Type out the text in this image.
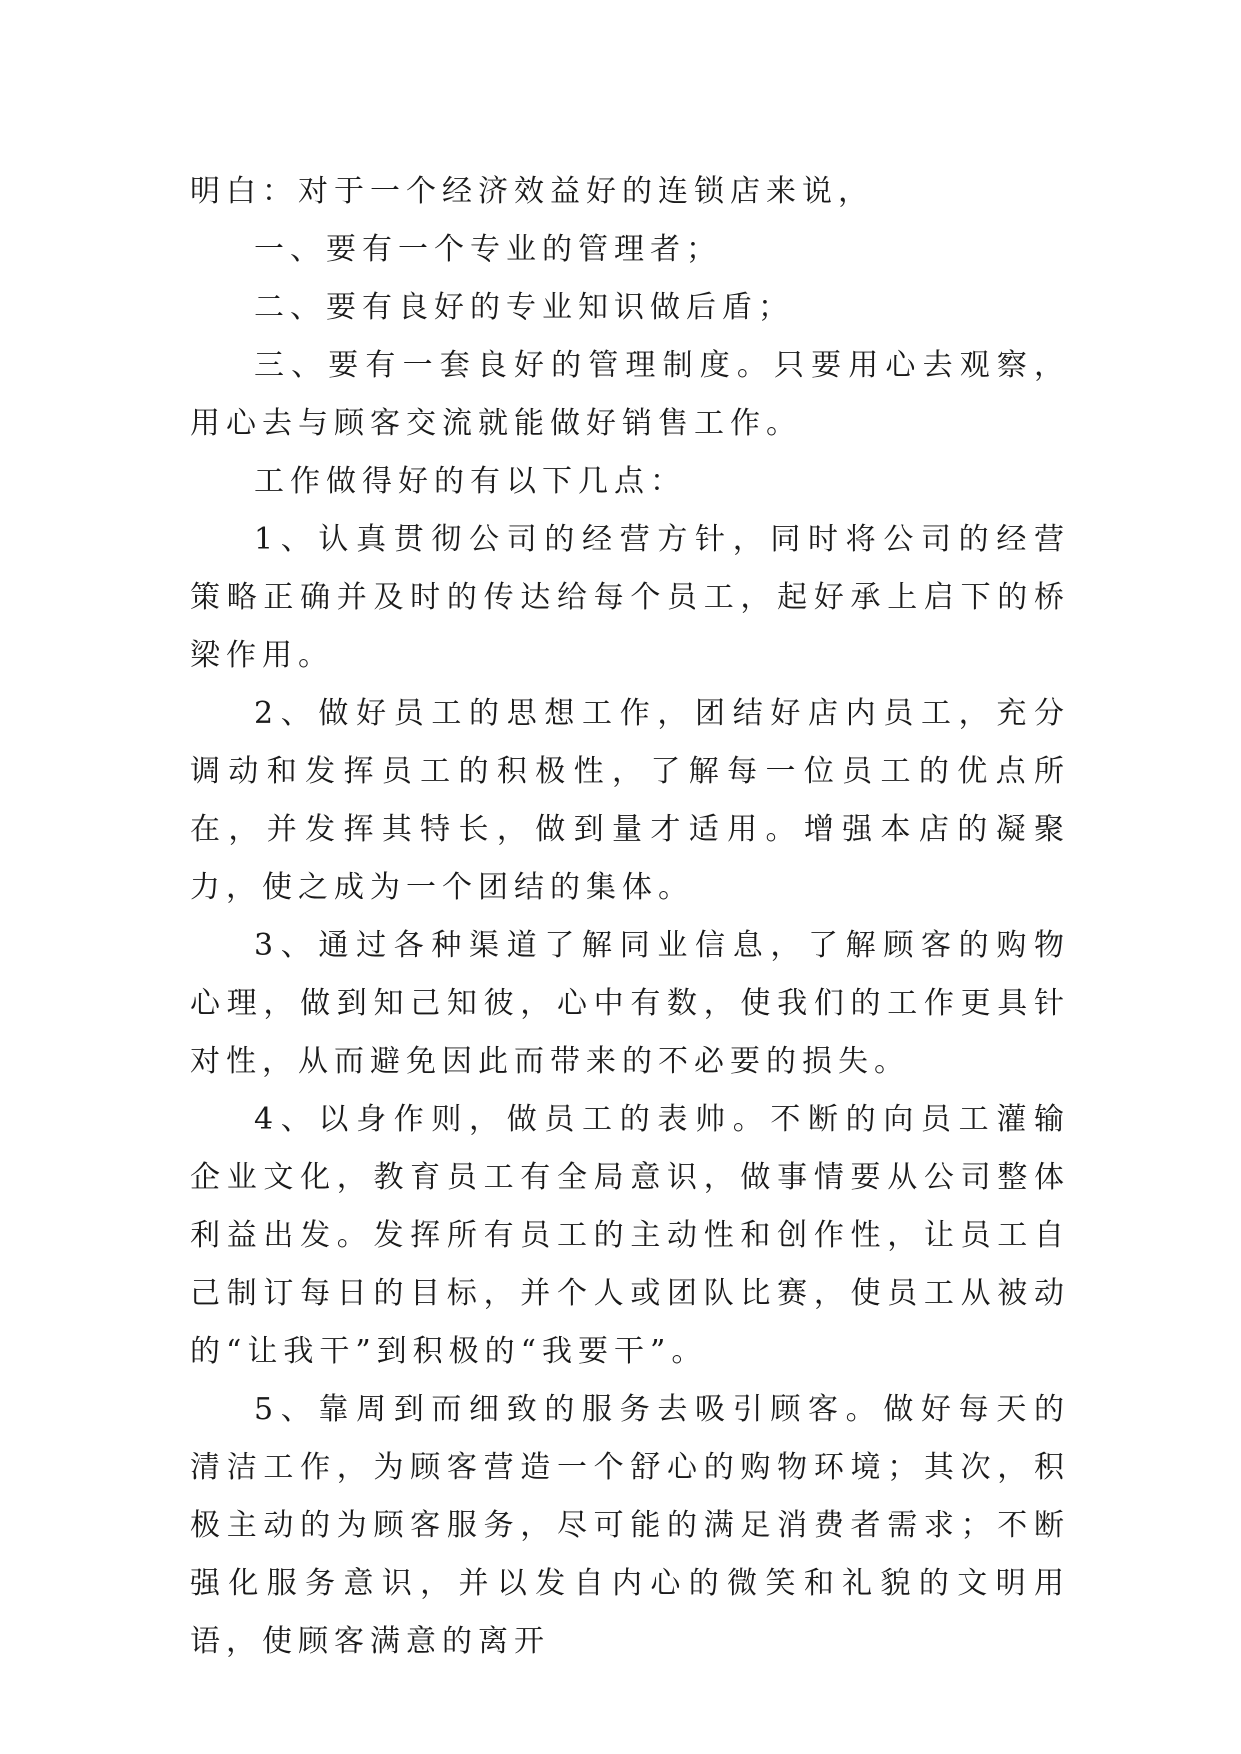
明白：对于一个经济效益好的连锁店来说，

一、要有一个专业的管理者；

二、要有良好的专业知识做后盾；

三、要有一套良好的管理制度。只要用心去观察，用心去与顾客交流就能做好销售工作。

工作做得好的有以下几点：

1、认真贯彻公司的经营方针，同时将公司的经营策略正确并及时的传达给每个员工，起好承上启下的桥梁作用。

2、做好员工的思想工作，团结好店内员工，充分调动和发挥员工的积极性，了解每一位员工的优点所在，并发挥其特长，做到量才适用。增强本店的凝聚力，使之成为一个团结的集体。

3、通过各种渠道了解同业信息，了解顾客的购物心理，做到知己知彼，心中有数，使我们的工作更具针对性，从而避免因此而带来的不必要的损失。

4、以身作则，做员工的表帅。不断的向员工灌输企业文化，教育员工有全局意识，做事情要从公司整体利益出发。发挥所有员工的主动性和创作性，让员工自己制订每日的目标，并个人或团队比赛，使员工从被动的“让我干”到积极的“我要干”。

5、靠周到而细致的服务去吸引顾客。做好每天的清洁工作，为顾客营造一个舒心的购物环境；其次，积极主动的为顾客服务，尽可能的满足消费者需求；不断强化服务意识，并以发自内心的微笑和礼貌的文明用语，使顾客满意的离开
